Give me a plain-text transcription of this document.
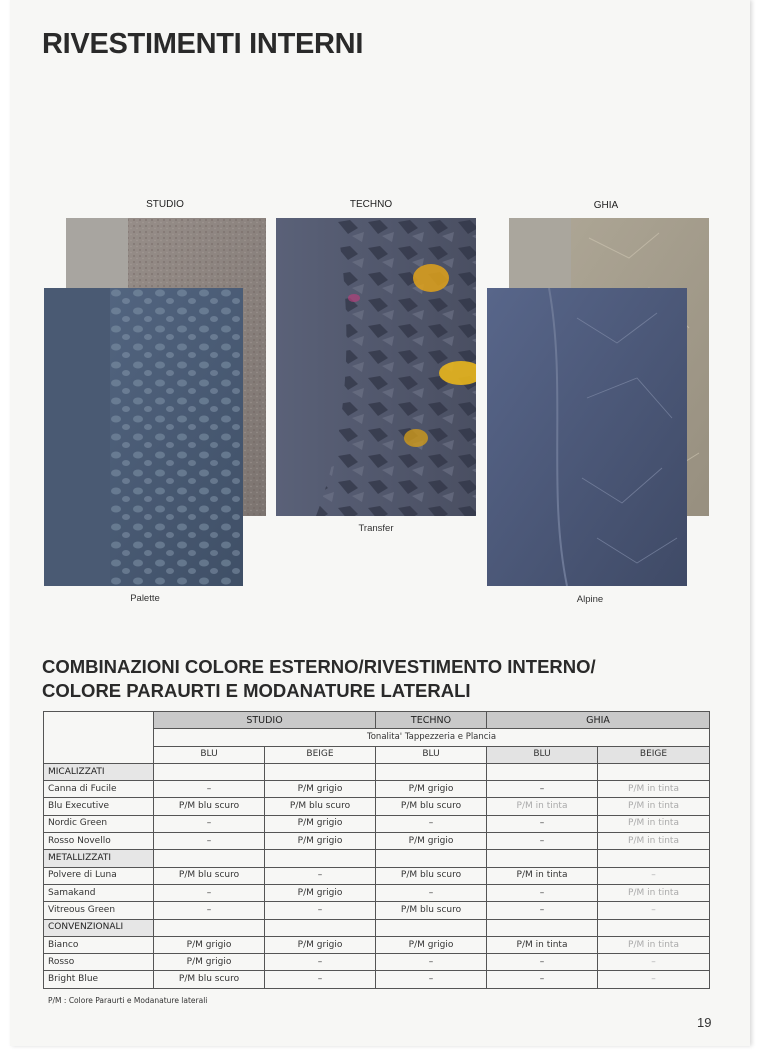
RIVESTIMENTI INTERNI
STUDIO	TECHNO	GHIA
Palette
Transfer
Alpine
COMBINAZIONI COLORE ESTERNO/RIVESTIMENTO INTERNO/
COLORE PARAURTI E MODANATURE LATERALI
	STUDIO		TECHNO	GHIA	
	Tonalita' Tappezzeria e Plancia				
	BLU	BEIGE	BLU	BLU	BEIGE
MICALIZZATI					
Canna di Fucile	–	P/M grigio	P/M grigio	–	P/M in tinta
Blu Executive	P/M blu scuro	P/M blu scuro	P/M blu scuro	P/M in tinta	P/M in tinta
Nordic Green	–	P/M grigio	–	–	P/M in tinta
Rosso Novello	–	P/M grigio	P/M grigio	–	P/M in tinta
METALLIZZATI					
Polvere di Luna	P/M blu scuro	–	P/M blu scuro	P/M in tinta	–
Samakand	–	P/M grigio	–	–	P/M in tinta
Vitreous Green	–	–	P/M blu scuro	–	–
CONVENZIONALI					
Bianco	P/M grigio	P/M grigio	P/M grigio	P/M in tinta	P/M in tinta
Rosso	P/M grigio	–	–	–	–
Bright Blue	P/M blu scuro	–	–	–	–
P/M : Colore Paraurti e Modanature laterali
19
